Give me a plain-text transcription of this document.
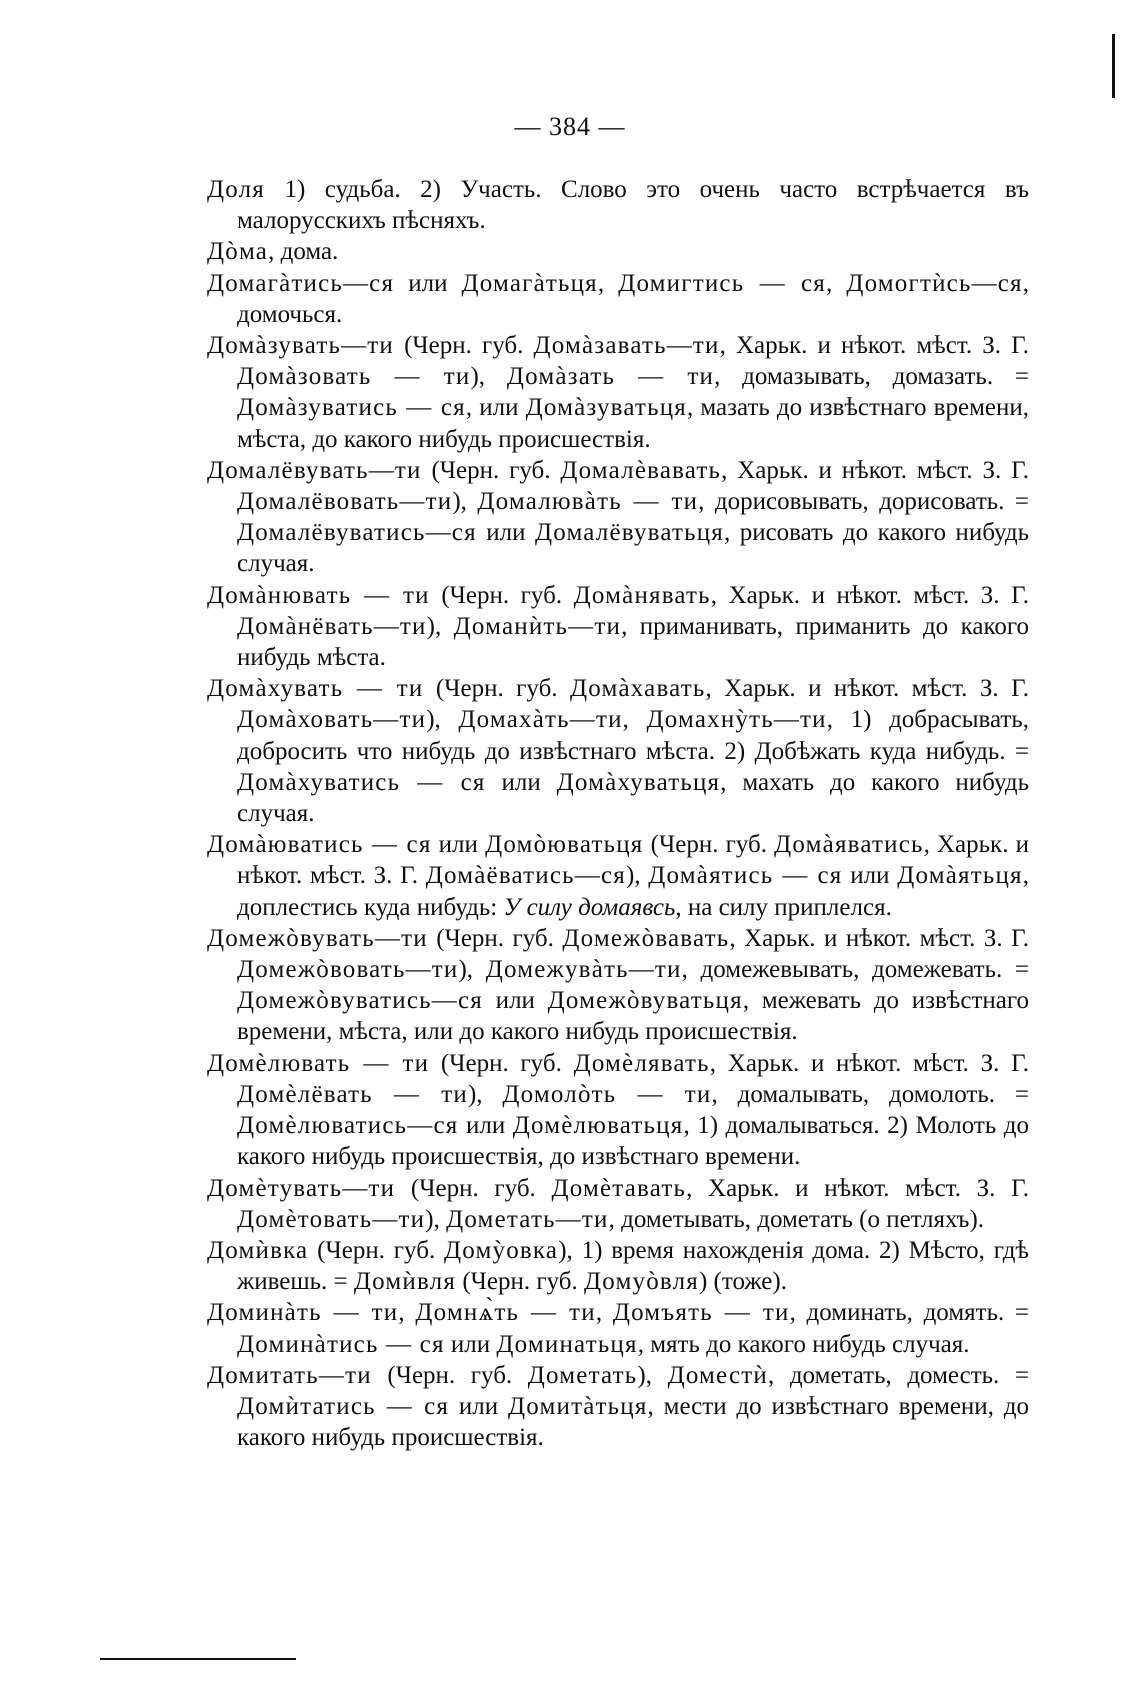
— 384 —

Доля 1) судьба. 2) Участь. Слово это очень часто встрѣчается въ малорусскихъ пѣсняхъ.

Дòма, дома.

Домагàтись—ся или Домагàтьця, Домигтись — ся, Домогтѝсь—ся, домочься.

Домàзувать—ти (Черн. губ. Домàзавать—ти, Харьк. и нѣкот. мѣст. З. Г. Домàзовать — ти), Домàзать — ти, домазывать, домазать. = Домàзуватись — ся, или Домàзуватьця, мазать до извѣстнаго времени, мѣста, до какого нибудь происшествія.

Домалёвувать—ти (Черн. губ. Домалèвавать, Харьк. и нѣкот. мѣст. З. Г. Домалёвовать—ти), Домалювàть — ти, дорисовывать, дорисовать. = Домалёвуватись—ся или Домалёвуватьця, рисовать до какого нибудь случая.

Домàнювать — ти (Черн. губ. Домàнявать, Харьк. и нѣкот. мѣст. З. Г. Домàнёвать—ти), Доманѝть—ти, приманивать, приманить до какого нибудь мѣста.

Домàхувать — ти (Черн. губ. Домàхавать, Харьк. и нѣкот. мѣст. З. Г. Домàховать—ти), Домахàть—ти, Домахнỳть—ти, 1) добрасывать, добросить что нибудь до извѣстнаго мѣста. 2) Добѣжать куда нибудь. = Домàхуватись — ся или Домàхуватьця, махать до какого нибудь случая.

Домàюватись — ся или Домòюватьця (Черн. губ. Домàяватись, Харьк. и нѣкот. мѣст. З. Г. Домàёватись—ся), Домàятись — ся или Домàятьця, доплестись куда нибудь: У силу домаявсь, на силу приплелся.

Домежòвувать—ти (Черн. губ. Домежòвавать, Харьк. и нѣкот. мѣст. З. Г. Домежòвовать—ти), Домежувàть—ти, домежевывать, домежевать. = Домежòвуватись—ся или Домежòвуватьця, межевать до извѣстнаго времени, мѣста, или до какого нибудь происшествія.

Домèлювать — ти (Черн. губ. Домèлявать, Харьк. и нѣкот. мѣст. З. Г. Домèлёвать — ти), Домолòть — ти, домалывать, домолоть. = Домèлюватись—ся или Домèлюватьця, 1) домалываться. 2) Молоть до какого нибудь происшествія, до извѣстнаго времени.

Домèтувать—ти (Черн. губ. Домèтавать, Харьк. и нѣкот. мѣст. З. Г. Домèтовать—ти), Дометать—ти, дометывать, дометать (о петляхъ).

Домѝвка (Черн. губ. Домỳовка), 1) время нахожденія дома. 2) Мѣсто, гдѣ живешь. = Домѝвля (Черн. губ. Домуòвля) (тоже).

Доминàть — ти, Домнѧ̀ть — ти, Домъять — ти, доминать, домять. = Доминàтись — ся или Доминатьця, мять до какого нибудь случая.

Домитать—ти (Черн. губ. Дометать), Доместѝ, дометать, доместь. = Домѝтатись — ся или Домитàтьця, мести до извѣстнаго времени, до какого нибудь происшествія.
